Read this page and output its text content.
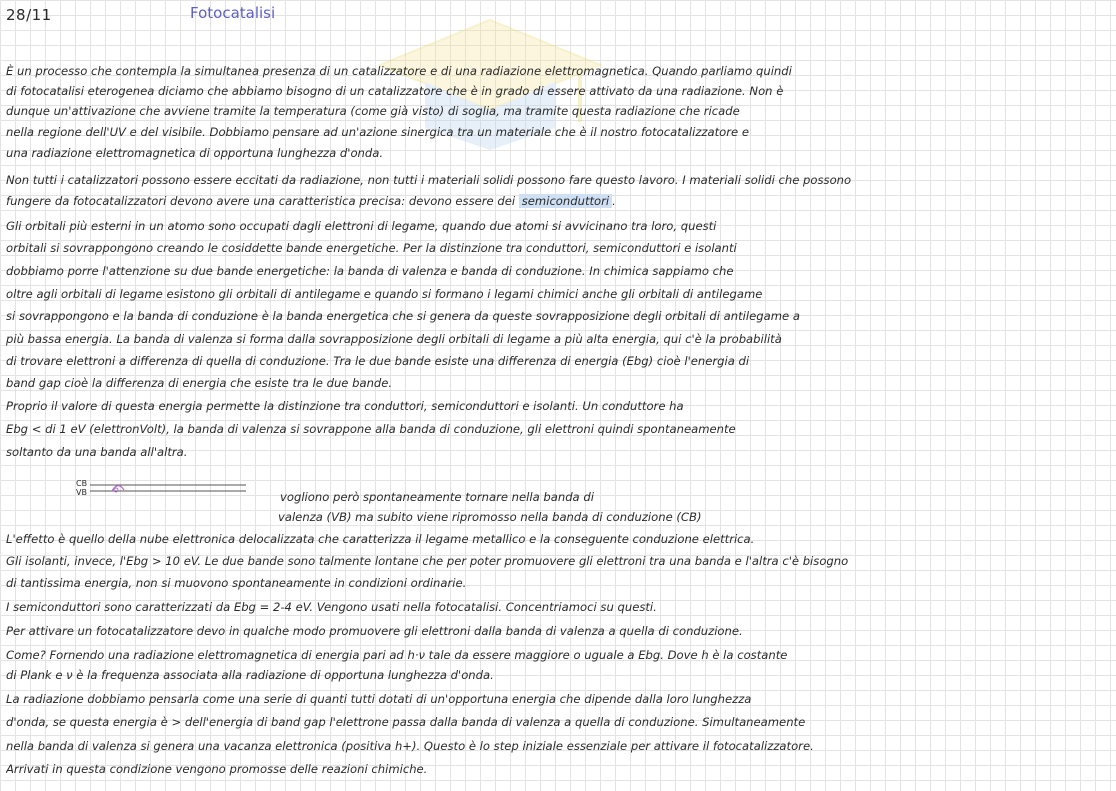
28/11	Fotocatalisi

È un processo che contempla la simultanea presenza di un catalizzatore e di una radiazione elettromagnetica. Quando parliamo quindi

di fotocatalisi eterogenea diciamo che abbiamo bisogno di un catalizzatore che è in grado di essere attivato da una radiazione. Non è

dunque un'attivazione che avviene tramite la temperatura (come già visto) di soglia, ma tramite questa radiazione che ricade

nella regione dell'UV e del visibile. Dobbiamo pensare ad un'azione sinergica tra un materiale che è il nostro fotocatalizzatore e

una radiazione elettromagnetica di opportuna lunghezza d'onda.

Non tutti i catalizzatori possono essere eccitati da radiazione, non tutti i materiali solidi possono fare questo lavoro. I materiali solidi che possono

fungere da fotocatalizzatori devono avere una caratteristica precisa: devono essere dei semiconduttori .

Gli orbitali più esterni in un atomo sono occupati dagli elettroni di legame, quando due atomi si avvicinano tra loro, questi

orbitali si sovrappongono creando le cosiddette bande energetiche. Per la distinzione tra conduttori, semiconduttori e isolanti

dobbiamo porre l'attenzione su due bande energetiche: la banda di valenza e banda di conduzione. In chimica sappiamo che

oltre agli orbitali di legame esistono gli orbitali di antilegame e quando si formano i legami chimici anche gli orbitali di antilegame

si sovrappongono e la banda di conduzione è la banda energetica che si genera da queste sovrapposizione degli orbitali di antilegame a

più bassa energia. La banda di valenza si forma dalla sovrapposizione degli orbitali di legame a più alta energia, qui c'è la probabilità

di trovare elettroni a differenza di quella di conduzione. Tra le due bande esiste una differenza di energia (Ebg) cioè l'energia di

band gap cioè la differenza di energia che esiste tra le due bande.

Proprio il valore di questa energia permette la distinzione tra conduttori, semiconduttori e isolanti. Un conduttore ha

Ebg < di 1 eV (elettronVolt), la banda di valenza si sovrappone alla banda di conduzione, gli elettroni quindi spontaneamente

soltanto da una banda all'altra.

CB
VB	vogliono però spontaneamente tornare nella banda di
valenza (VB) ma subito viene ripromosso nella banda di conduzione (CB)

L'effetto è quello della nube elettronica delocalizzata che caratterizza il legame metallico e la conseguente conduzione elettrica.

Gli isolanti, invece, l'Ebg > 10 eV. Le due bande sono talmente lontane che per poter promuovere gli elettroni tra una banda e l'altra c'è bisogno

di tantissima energia, non si muovono spontaneamente in condizioni ordinarie.

I semiconduttori sono caratterizzati da Ebg = 2-4 eV. Vengono usati nella fotocatalisi. Concentriamoci su questi.

Per attivare un fotocatalizzatore devo in qualche modo promuovere gli elettroni dalla banda di valenza a quella di conduzione.

Come? Fornendo una radiazione elettromagnetica di energia pari ad h·ν tale da essere maggiore o uguale a Ebg. Dove h è la costante

di Plank e ν è la frequenza associata alla radiazione di opportuna lunghezza d'onda.

La radiazione dobbiamo pensarla come una serie di quanti tutti dotati di un'opportuna energia che dipende dalla loro lunghezza

d'onda, se questa energia è > dell'energia di band gap l'elettrone passa dalla banda di valenza a quella di conduzione. Simultaneamente

nella banda di valenza si genera una vacanza elettronica (positiva h+). Questo è lo step iniziale essenziale per attivare il fotocatalizzatore.

Arrivati in questa condizione vengono promosse delle reazioni chimiche.
